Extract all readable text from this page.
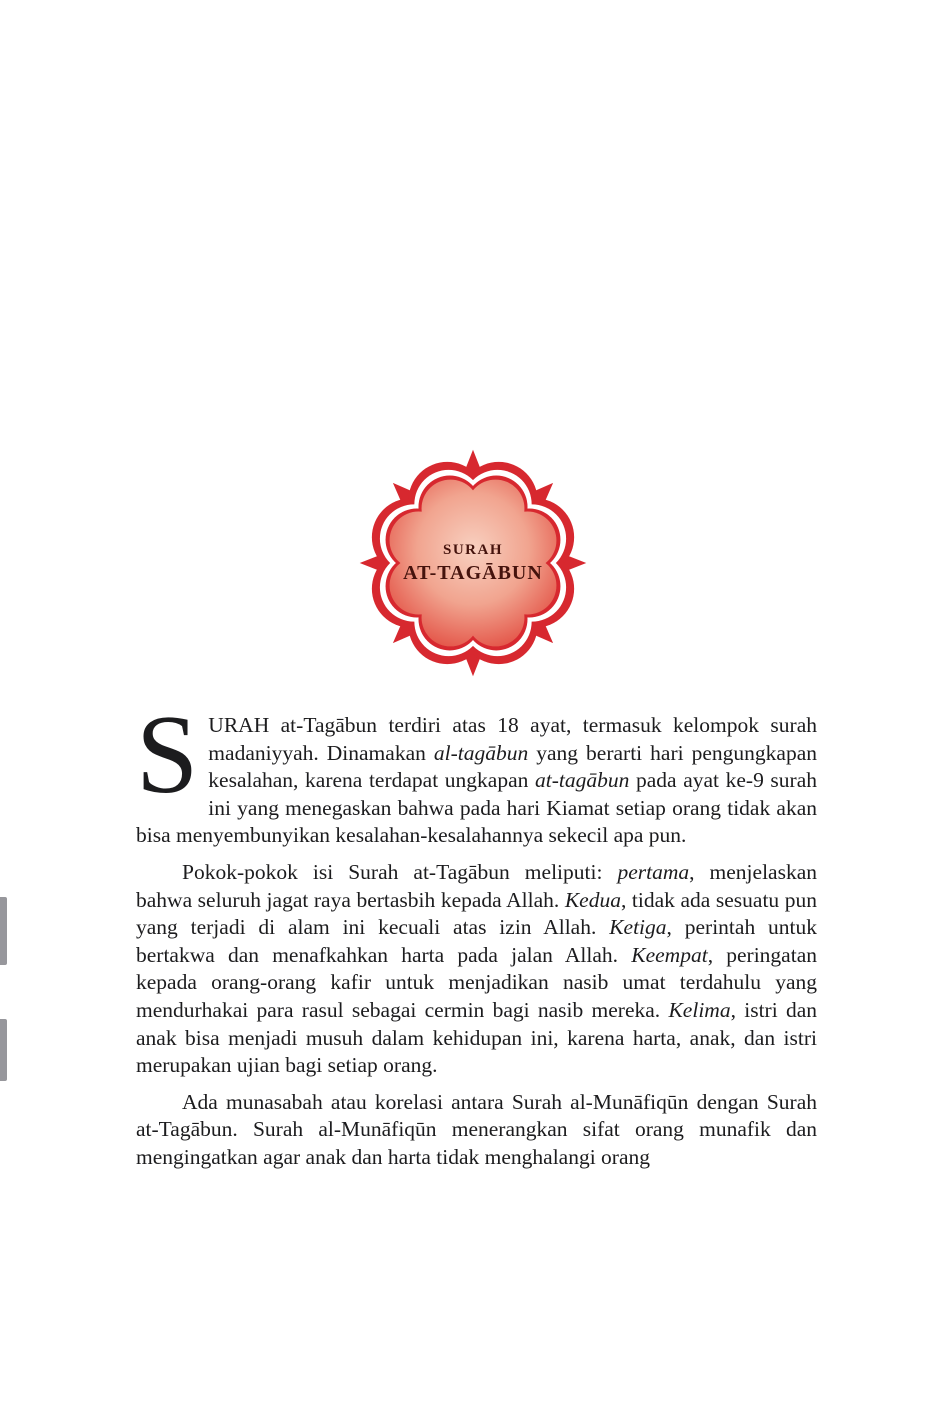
SURAH
AT-TAGĀBUN

SURAH at-Tagābun terdiri atas 18 ayat, termasuk kelompok surah madaniyyah. Dinamakan al-tagābun yang berarti hari pengungkapan kesalahan, karena terdapat ungkapan at-tagābun pada ayat ke-9 surah ini yang menegaskan bahwa pada hari Kiamat setiap orang tidak akan bisa menyembunyikan kesalahan-kesalahannya sekecil apa pun.

Pokok-pokok isi Surah at-Tagābun meliputi: pertama, menjelaskan bahwa seluruh jagat raya bertasbih kepada Allah. Kedua, tidak ada sesuatu pun yang terjadi di alam ini kecuali atas izin Allah. Ketiga, perintah untuk bertakwa dan menafkahkan harta pada jalan Allah. Keempat, peringatan kepada orang-orang kafir untuk menjadikan nasib umat terdahulu yang mendurhakai para rasul sebagai cermin bagi nasib mereka. Kelima, istri dan anak bisa menjadi musuh dalam kehidupan ini, karena harta, anak, dan istri merupakan ujian bagi setiap orang.

Ada munasabah atau korelasi antara Surah al-Munāfiqūn dengan Surah at-Tagābun. Surah al-Munāfiqūn menerangkan sifat orang munafik dan mengingatkan agar anak dan harta tidak menghalangi orang
